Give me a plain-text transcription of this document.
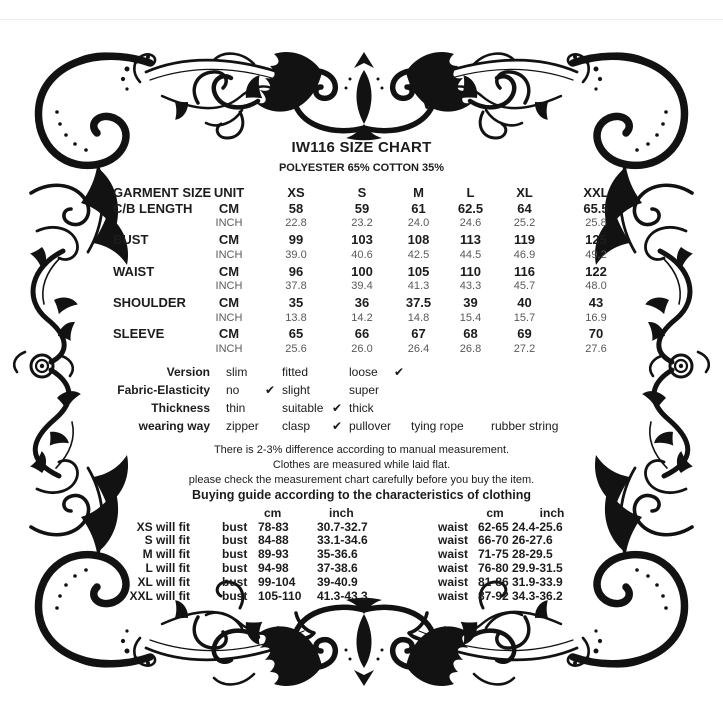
IW116 SIZE CHART
POLYESTER 65% COTTON 35%
GARMENT SIZE UNIT	XS	S	M	L	XL	XXL
C/B LENGTH	CM	58	59	61	62.5	64	65.5
INCH	22.8	23.2	24.0	24.6	25.2	25.8
BUST	CM	99	103	108	113	119	125
INCH	39.0	40.6	42.5	44.5	46.9	49.2
WAIST	CM	96	100	105	110	116	122
INCH	37.8	39.4	41.3	43.3	45.7	48.0
SHOULDER	CM	35	36	37.5	39	40	43
INCH	13.8	14.2	14.8	15.4	15.7	16.9
SLEEVE	CM	65	66	67	68	69	70
INCH	25.6	26.0	26.4	26.8	27.2	27.6
Version slim	fitted	loose ✔
Fabric-Elasticity no ✔ slight	super
Thickness thin	suitable ✔ thick
wearing way zipper clasp ✔ pullover tying rope rubber string
There is 2-3% difference according to manual measurement.
Clothes are measured while laid flat.
please check the measurement chart carefully before you buy the item.
Buying guide according to the characteristics of clothing
cm	inch	cm	inch
XS will fit	bust 78-83	30.7-32.7	waist 62-65 24.4-25.6
S will fit	bust 84-88	33.1-34.6	waist 66-70 26-27.6
M will fit	bust 89-93	35-36.6	waist 71-75 28-29.5
L will fit	bust 94-98	37-38.6	waist 76-80 29.9-31.5
XL will fit	bust 99-104	39-40.9	waist 81-86 31.9-33.9
XXL will fit	bust 105-110	41.3-43.3	waist 87-92 34.3-36.2
